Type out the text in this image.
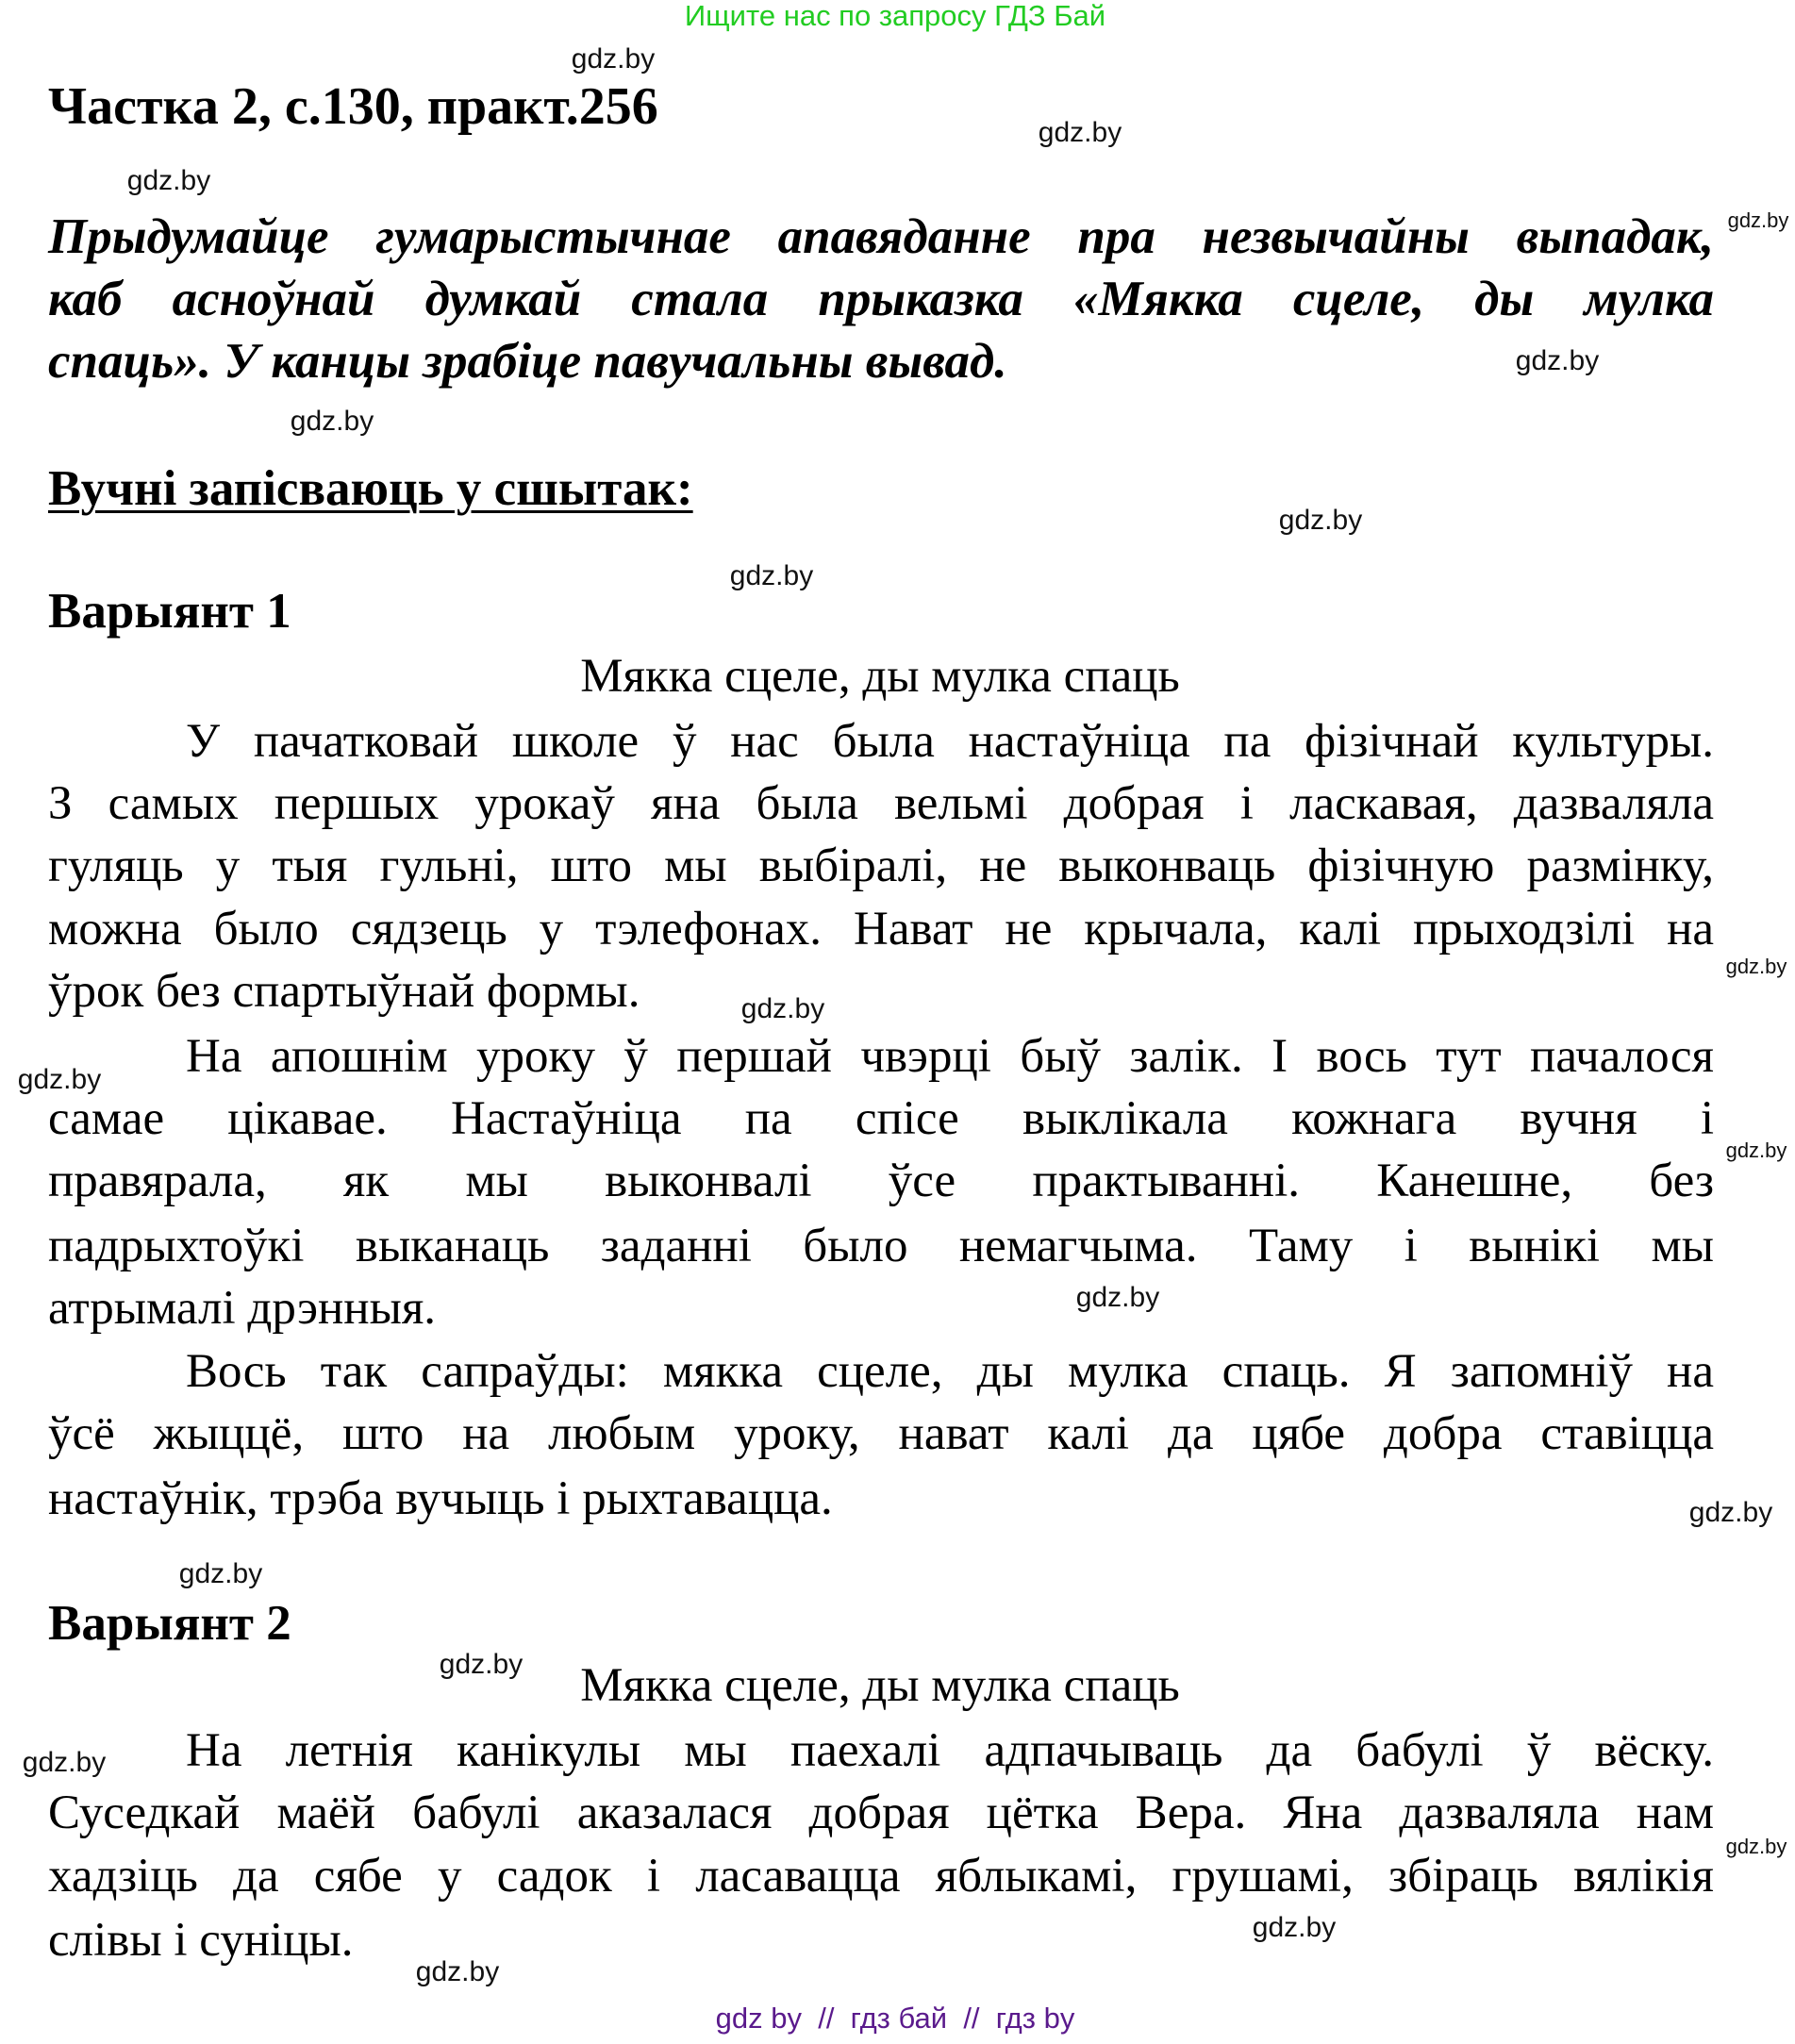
Ищите нас по запросу ГДЗ Бай
Частка 2, с.130, практ.256
Прыдумайце гумарыстычнае апавяданне пра незвычайны выпадак,
каб асноўнай думкай стала прыказка «Мякка сцеле, ды мулка
спаць». У канцы зрабіце павучальны вывад.
Вучні запісваюць у сшытак:
Варыянт 1
Мякка сцеле, ды мулка спаць
У пачатковай школе ў нас была настаўніца па фізічнай культуры.
З самых першых урокаў яна была вельмі добрая і ласкавая, дазваляла
гуляць у тыя гульні, што мы выбіралі, не выконваць фізічную размінку,
можна было сядзець у тэлефонах. Нават не крычала, калі прыходзілі на
ўрок без спартыўнай формы.
На апошнім уроку ў першай чвэрці быў залік. І вось тут пачалося
самае цікавае. Настаўніца па спісе выклікала кожнага вучня і
правярала, як мы выконвалі ўсе практыванні. Канешне, без
падрыхтоўкі выканаць заданні было немагчыма. Таму і вынікі мы
атрымалі дрэнныя.
Вось так сапраўды: мякка сцеле, ды мулка спаць. Я запомніў на
ўсё жыццё, што на любым уроку, нават калі да цябе добра ставіцца
настаўнік, трэба вучыць і рыхтавацца.
Варыянт 2
Мякка сцеле, ды мулка спаць
На летнія канікулы мы паехалі адпачываць да бабулі ў вёску.
Суседкай маёй бабулі аказалася добрая цётка Вера. Яна дазваляла нам
хадзіць да сябе у садок і ласавацца яблыкамі, грушамі, збіраць вялікія
слівы і суніцы.
gdz.by
gdz.by
gdz.by
gdz.by
gdz.by
gdz.by
gdz.by
gdz.by
gdz.by
gdz.by
gdz.by
gdz.by
gdz.by
gdz.by
gdz.by
gdz.by
gdz.by
gdz.by
gdz.by
gdz.by
gdz by  //  гдз бай  //  гдз by
